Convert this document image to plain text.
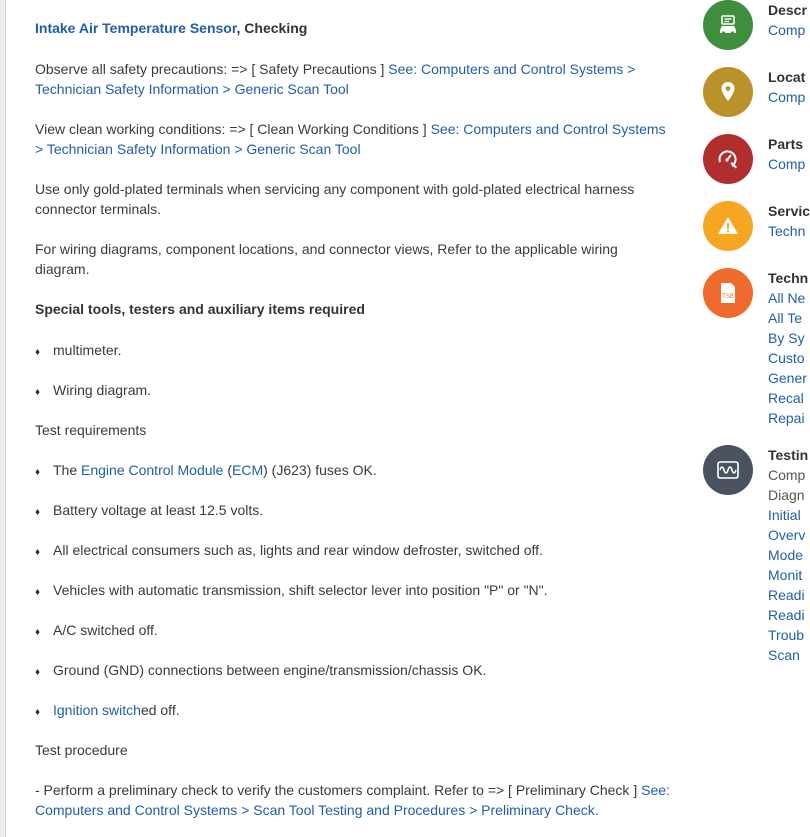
Intake Air Temperature Sensor, Checking

Observe all safety precautions: => [ Safety Precautions ] See: Computers and Control Systems > Technician Safety Information > Generic Scan Tool

View clean working conditions: => [ Clean Working Conditions ] See: Computers and Control Systems > Technician Safety Information > Generic Scan Tool

Use only gold-plated terminals when servicing any component with gold-plated electrical harness connector terminals.

For wiring diagrams, component locations, and connector views, Refer to the applicable wiring diagram.

Special tools, testers and auxiliary items required

♦ multimeter.

♦ Wiring diagram.

Test requirements

♦ The Engine Control Module (ECM) (J623) fuses OK.

♦ Battery voltage at least 12.5 volts.

♦ All electrical consumers such as, lights and rear window defroster, switched off.

♦ Vehicles with automatic transmission, shift selector lever into position "P" or "N".

♦ A/C switched off.

♦ Ground (GND) connections between engine/transmission/chassis OK.

♦ Ignition switched off.

Test procedure

- Perform a preliminary check to verify the customers complaint. Refer to => [ Preliminary Check ] See: Computers and Control Systems > Scan Tool Testing and Procedures > Preliminary Check.

Descr
Comp
Locat
Comp
Parts
Comp
Servic
Techn
TSB
Techn
All Ne
All Te
By Sy
Custo
Gener
Recal
Repai
Testin
Comp
Diagn
Initial
Overv
Mode
Monit
Readi
Readi
Troub
Scan
